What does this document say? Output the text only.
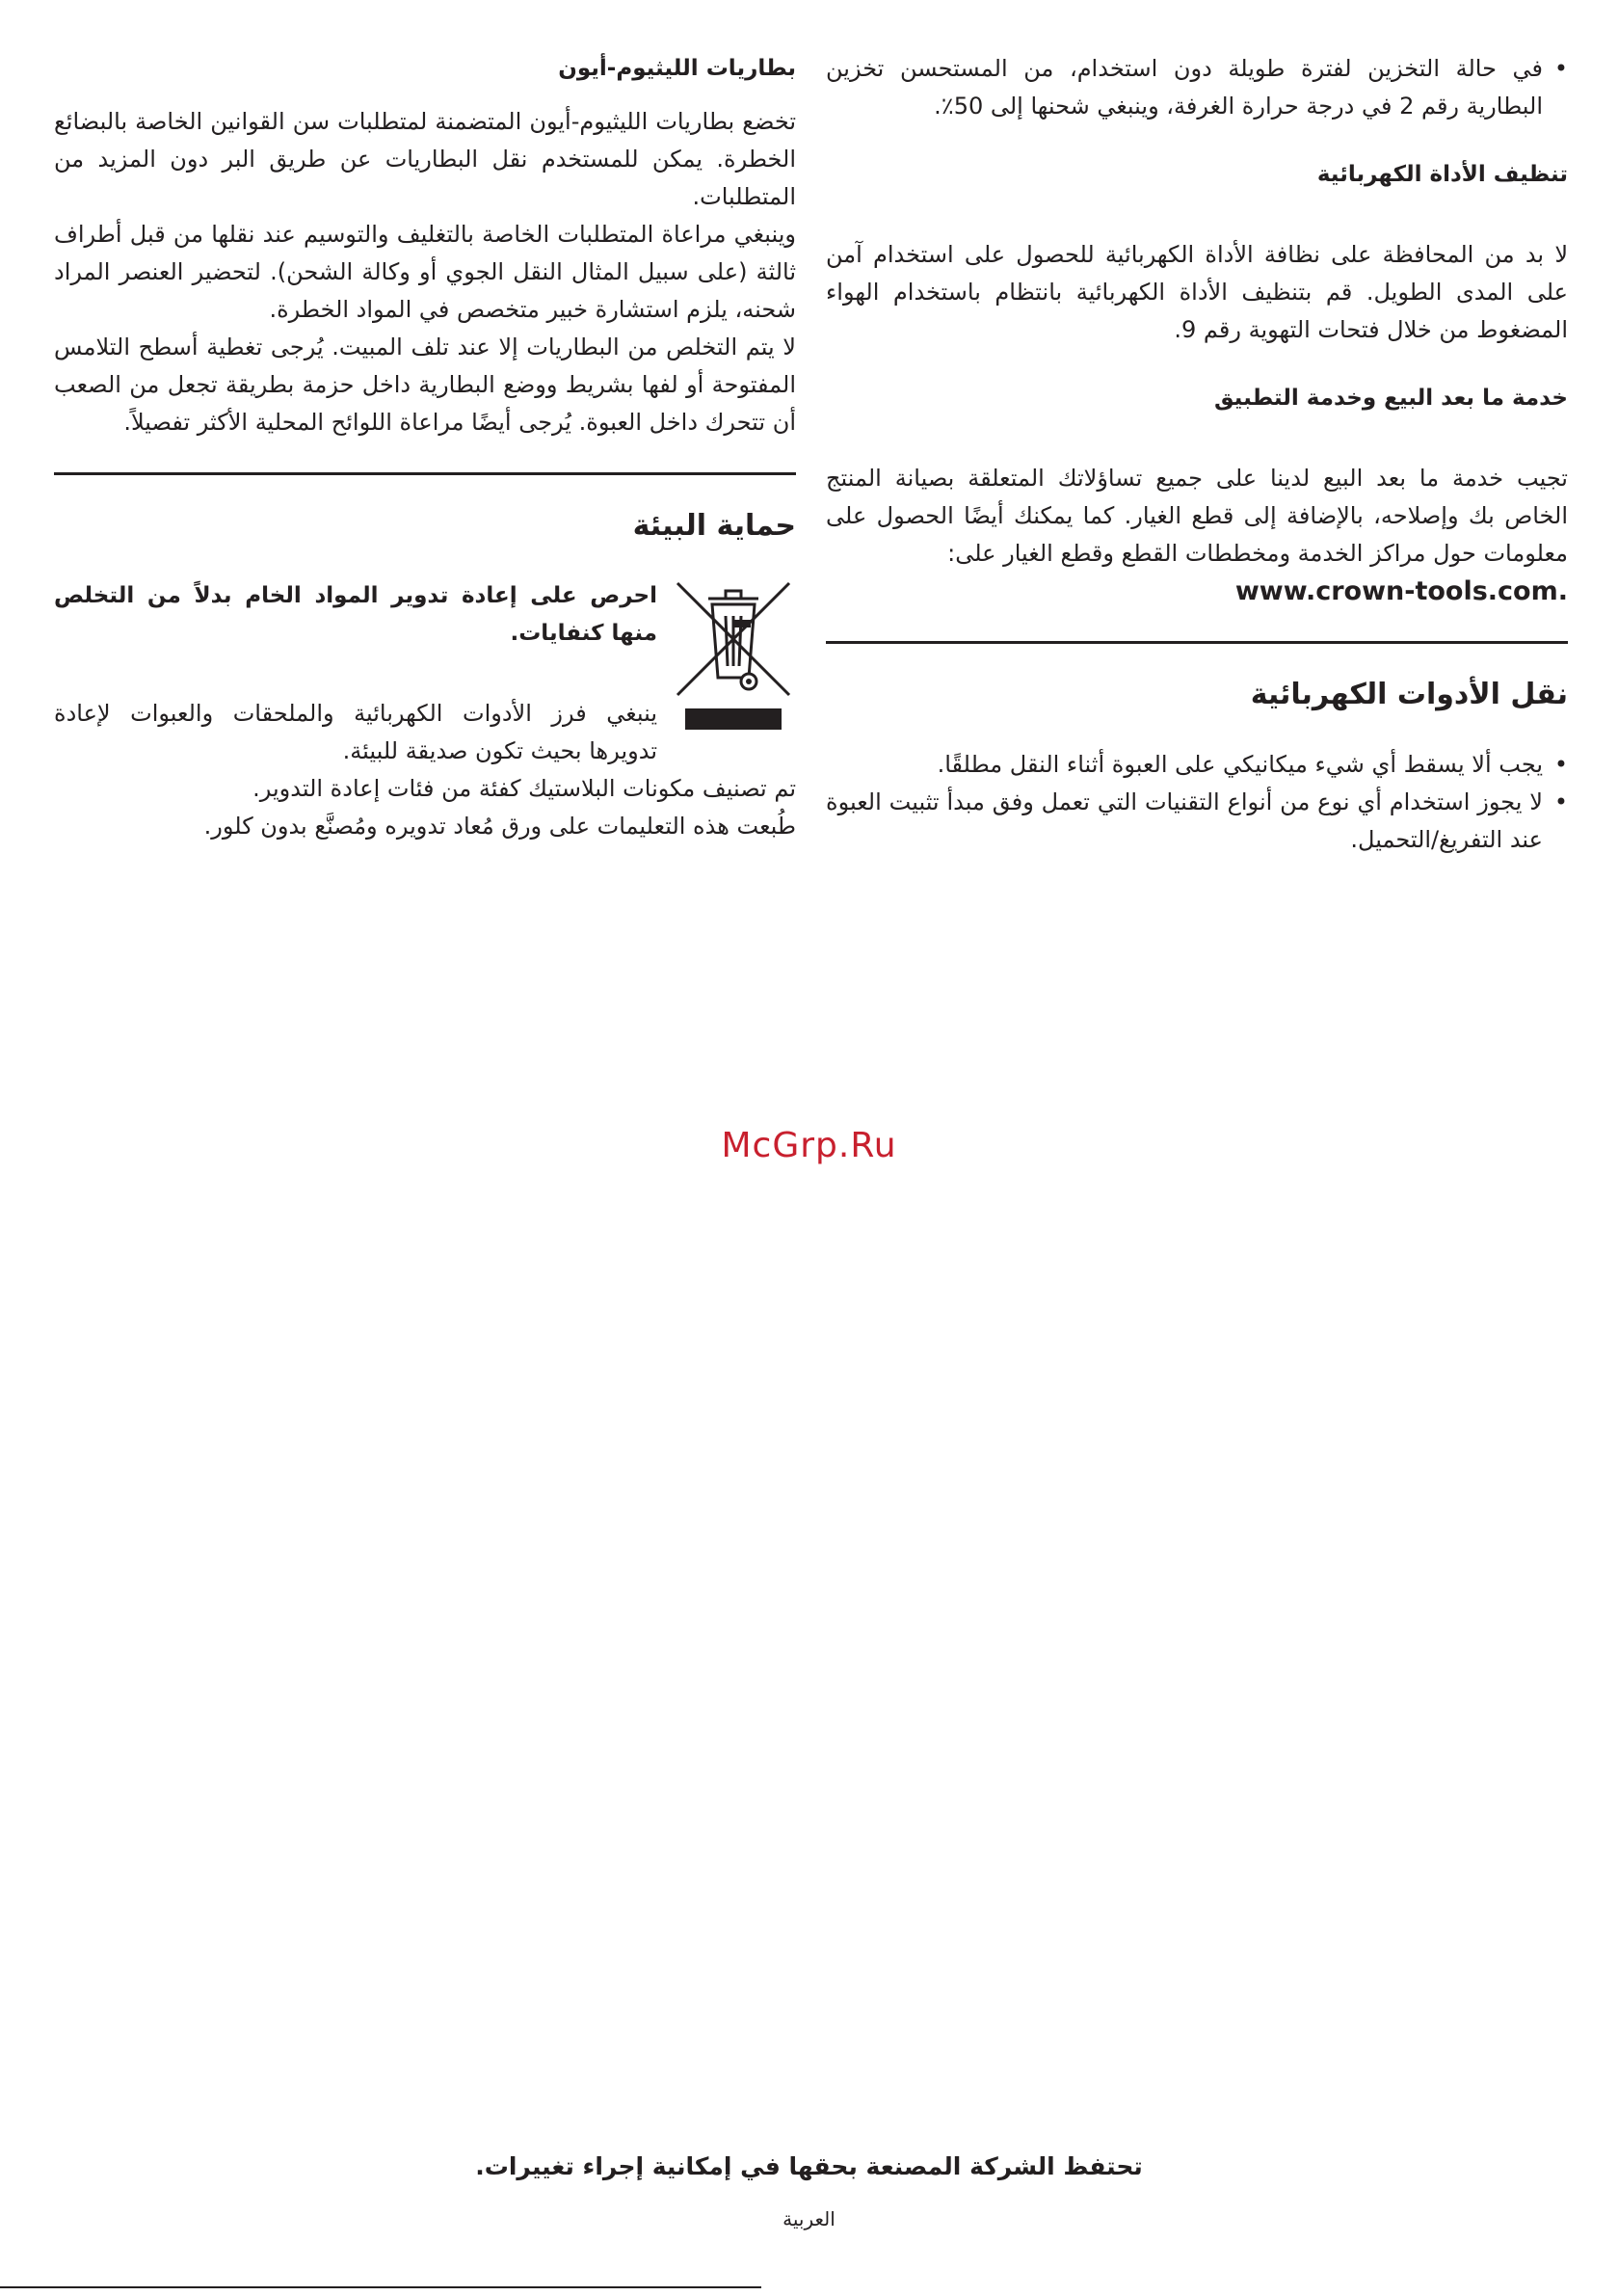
•
في حالة التخزين لفترة طويلة دون استخدام، من المستحسن تخزين البطارية رقم 2 في درجة حرارة الغرفة، وينبغي شحنها إلى 50٪.
تنظيف الأداة الكهربائية

لا بد من المحافظة على نظافة الأداة الكهربائية للحصول على استخدام آمن على المدى الطويل. قم بتنظيف الأداة الكهربائية بانتظام باستخدام الهواء المضغوط من خلال فتحات التهوية رقم 9.

خدمة ما بعد البيع وخدمة التطبيق

تجيب خدمة ما بعد البيع لدينا على جميع تساؤلاتك المتعلقة بصيانة المنتج الخاص بك وإصلاحه، بالإضافة إلى قطع الغيار. كما يمكنك أيضًا الحصول على معلومات حول مراكز الخدمة ومخططات القطع وقطع الغيار على:

www.crown-tools.com.
نقل الأدوات الكهربائية
•
يجب ألا يسقط أي شيء ميكانيكي على العبوة أثناء النقل مطلقًا.
•
لا يجوز استخدام أي نوع من أنواع التقنيات التي تعمل وفق مبدأ تثبيت العبوة عند التفريغ/التحميل.
بطاريات الليثيوم-أيون

تخضع بطاريات الليثيوم-أيون المتضمنة لمتطلبات سن القوانين الخاصة بالبضائع الخطرة. يمكن للمستخدم نقل البطاريات عن طريق البر دون المزيد من المتطلبات.

وينبغي مراعاة المتطلبات الخاصة بالتغليف والتوسيم عند نقلها من قبل أطراف ثالثة (على سبيل المثال النقل الجوي أو وكالة الشحن). لتحضير العنصر المراد شحنه، يلزم استشارة خبير متخصص في المواد الخطرة.

لا يتم التخلص من البطاريات إلا عند تلف المبيت. يُرجى تغطية أسطح التلامس المفتوحة أو لفها بشريط ووضع البطارية داخل حزمة بطريقة تجعل من الصعب أن تتحرك داخل العبوة. يُرجى أيضًا مراعاة اللوائح المحلية الأكثر تفصيلاً.

حماية البيئة
احرص على إعادة تدوير المواد الخام بدلاً من التخلص منها كنفايات.

ينبغي فرز الأدوات الكهربائية والملحقات والعبوات لإعادة تدويرها بحيث تكون صديقة للبيئة.

تم تصنيف مكونات البلاستيك كفئة من فئات إعادة التدوير.

طُبعت هذه التعليمات على ورق مُعاد تدويره ومُصنَّع بدون كلور.

McGrp.Ru
تحتفظ الشركة المصنعة بحقها في إمكانية إجراء تغييرات.
العربية
